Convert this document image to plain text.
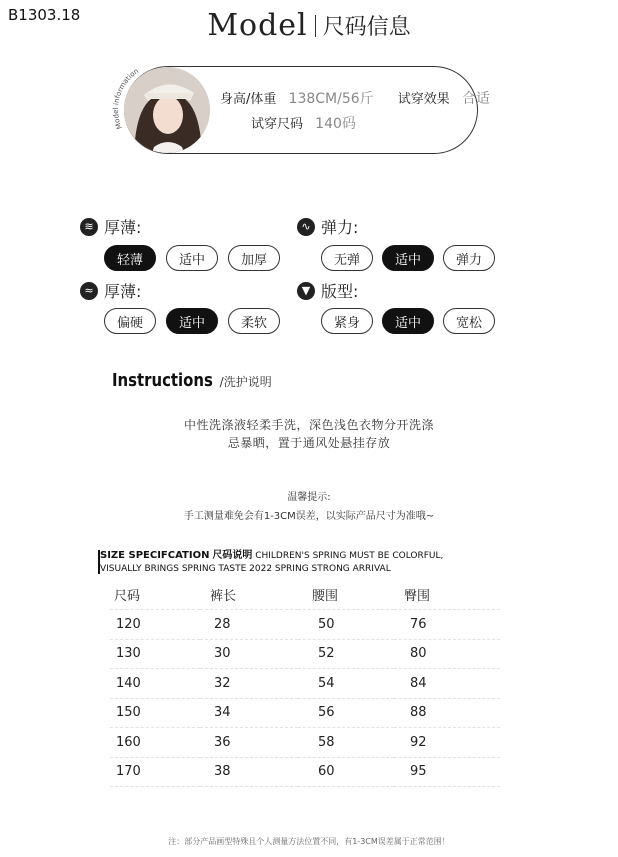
B1303.18	Model 尺码信息
Model information
身高/体重 138CM/56斤 试穿效果 合适
试穿尺码 140码
≋ 厚薄:
轻薄	适中	加厚
∿ 弹力:
无弹	适中	弹力
≈ 厚薄:
偏硬	适中	柔软
▼ 版型:
紧身	适中	宽松
Instructions /洗护说明
中性洗涤液轻柔手洗，深色浅色衣物分开洗涤
忌暴晒，置于通风处悬挂存放
温馨提示:
手工测量难免会有1-3CM误差，以实际产品尺寸为准哦~
SIZE SPECIFCATION 尺码说明 CHILDREN'S SPRING MUST BE COLORFUL,
VISUALLY BRINGS SPRING TASTE 2022 SPRING STRONG ARRIVAL
尺码	裤长	腰围	臀围
120	28	50	76
130	30	52	80
140	32	54	84
150	34	56	88
160	36	58	92
170	38	60	95
注：部分产品画型特殊且个人测量方法位置不同，有1-3CM误差属于正常范围！
